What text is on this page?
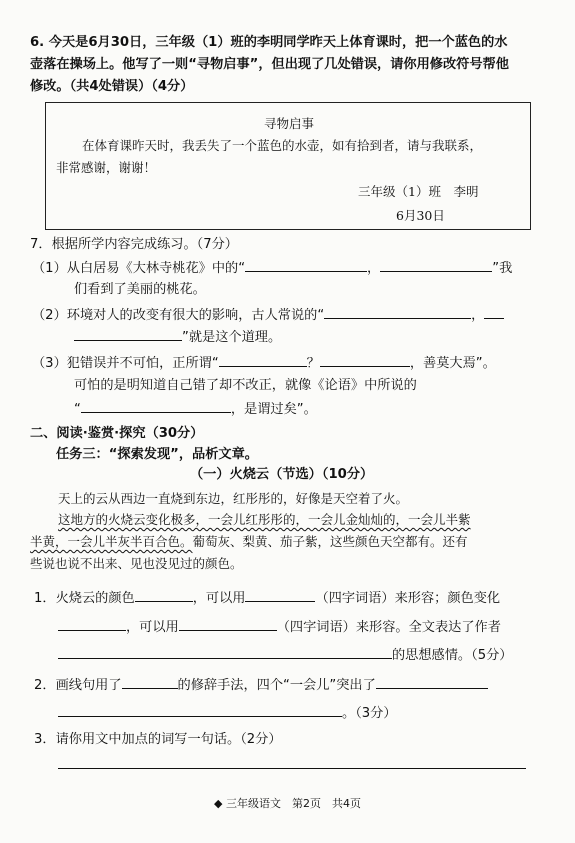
6. 今天是6月30日，三年级（1）班的李明同学昨天上体育课时，把一个蓝色的水
壶落在操场上。他写了一则“寻物启事”，但出现了几处错误，请你用修改符号帮他
修改。（共4处错误）（4分）
寻物启事
在体育课昨天时，我丢失了一个蓝色的水壶，如有拾到者，请与我联系，
非常感谢，谢谢！
三年级（1）班　李明
6月30日
7．根据所学内容完成练习。（7分）
（1）从白居易《大林寺桃花》中的“	，	”我
们看到了美丽的桃花。
（2）环境对人的改变有很大的影响，古人常说的“	，
”就是这个道理。
（3）犯错误并不可怕，正所谓“	？	，善莫大焉”。
可怕的是明知道自己错了却不改正，就像《论语》中所说的
“	，是谓过矣”。
二、阅读·鉴赏·探究（30分）
任务三：“探索发现”，品析文章。
（一）火烧云（节选）（10分）
天上的云从西边一直烧到东边，红彤彤的，好像是天空着了火。
这地方的火烧云变化极多，一会儿红彤彤的，一会儿金灿灿的，一会儿半紫
半黄，一会儿半灰半百合色。葡萄灰、梨黄、茄子紫，这些颜色天空都有。还有
些说也说不出来、见也没见过的颜色。
1．火烧云的颜色	，可以用	（四字词语）来形容；颜色变化
，可以用	（四字词语）来形容。全文表达了作者
的思想感情。（5分）
2．画线句用了	的修辞手法，四个“一会儿”突出了
。（3分）
3．请你用文中加点的词写一句话。（2分）
◆ 三年级语文　第2页　共4页
